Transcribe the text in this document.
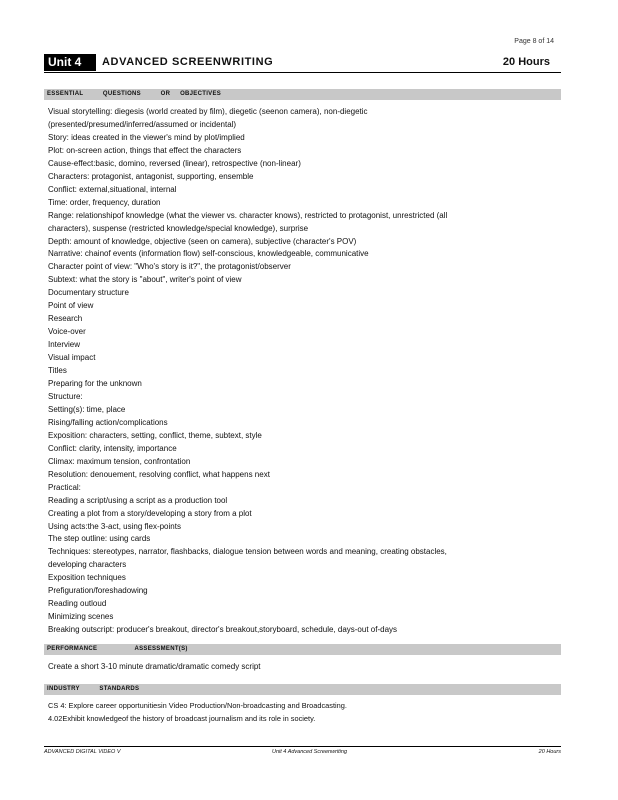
Page 8 of 14
Unit 4	ADVANCED SCREENWRITING	20 Hours
ESSENTIAL          QUESTIONS          OR     OBJECTIVES
Visual storytelling: diegesis (world created by film), diegetic (seenon camera), non-diegetic
(presented/presumed/inferred/assumed or incidental)
Story: ideas created in the viewer's mind by plot/implied
Plot: on-screen action, things that effect the characters
Cause-effect:basic, domino, reversed (linear), retrospective (non-linear)
Characters: protagonist, antagonist, supporting, ensemble
Conflict: external,situational, internal
Time: order, frequency, duration
Range: relationshipof knowledge (what the viewer vs. character knows), restricted to protagonist, unrestricted (all
characters), suspense (restricted knowledge/special knowledge), surprise
Depth: amount of knowledge, objective (seen on camera), subjective (character's POV)
Narrative: chainof events (information flow) self-conscious, knowledgeable, communicative
Character point of view: "Who's story is it?", the protagonist/observer
Subtext: what the story is "about", writer's point of view
Documentary structure
Point of view
Research
Voice-over
Interview
Visual impact
Titles
Preparing for the unknown
Structure:
Setting(s): time, place
Rising/falling action/complications
Exposition: characters, setting, conflict, theme, subtext, style
Conflict: clarity, intensity, importance
Climax: maximum tension, confrontation
Resolution: denouement, resolving conflict, what happens next
Practical:
Reading a script/using a script as a production tool
Creating a plot from a story/developing a story from a plot
Using acts:the 3-act, using flex-points
The step outline: using cards
Techniques: stereotypes, narrator, flashbacks, dialogue tension between words and meaning, creating obstacles,
developing characters
Exposition techniques
Prefiguration/foreshadowing
Reading outloud
Minimizing scenes
Breaking outscript: producer's breakout, director's breakout,storyboard, schedule, days-out of-days
PERFORMANCE                   ASSESSMENT(S)
Create a short 3-10 minute dramatic/dramatic comedy script
INDUSTRY          STANDARDS
CS 4: Explore career opportunitiesin Video Production/Non-broadcasting and Broadcasting.
4.02Exhibit knowledgeof the history of broadcast journalism and its role in society.
ADVANCED DIGITAL VIDEO V	Unit 4 Advanced Screenwriting	20 Hours
